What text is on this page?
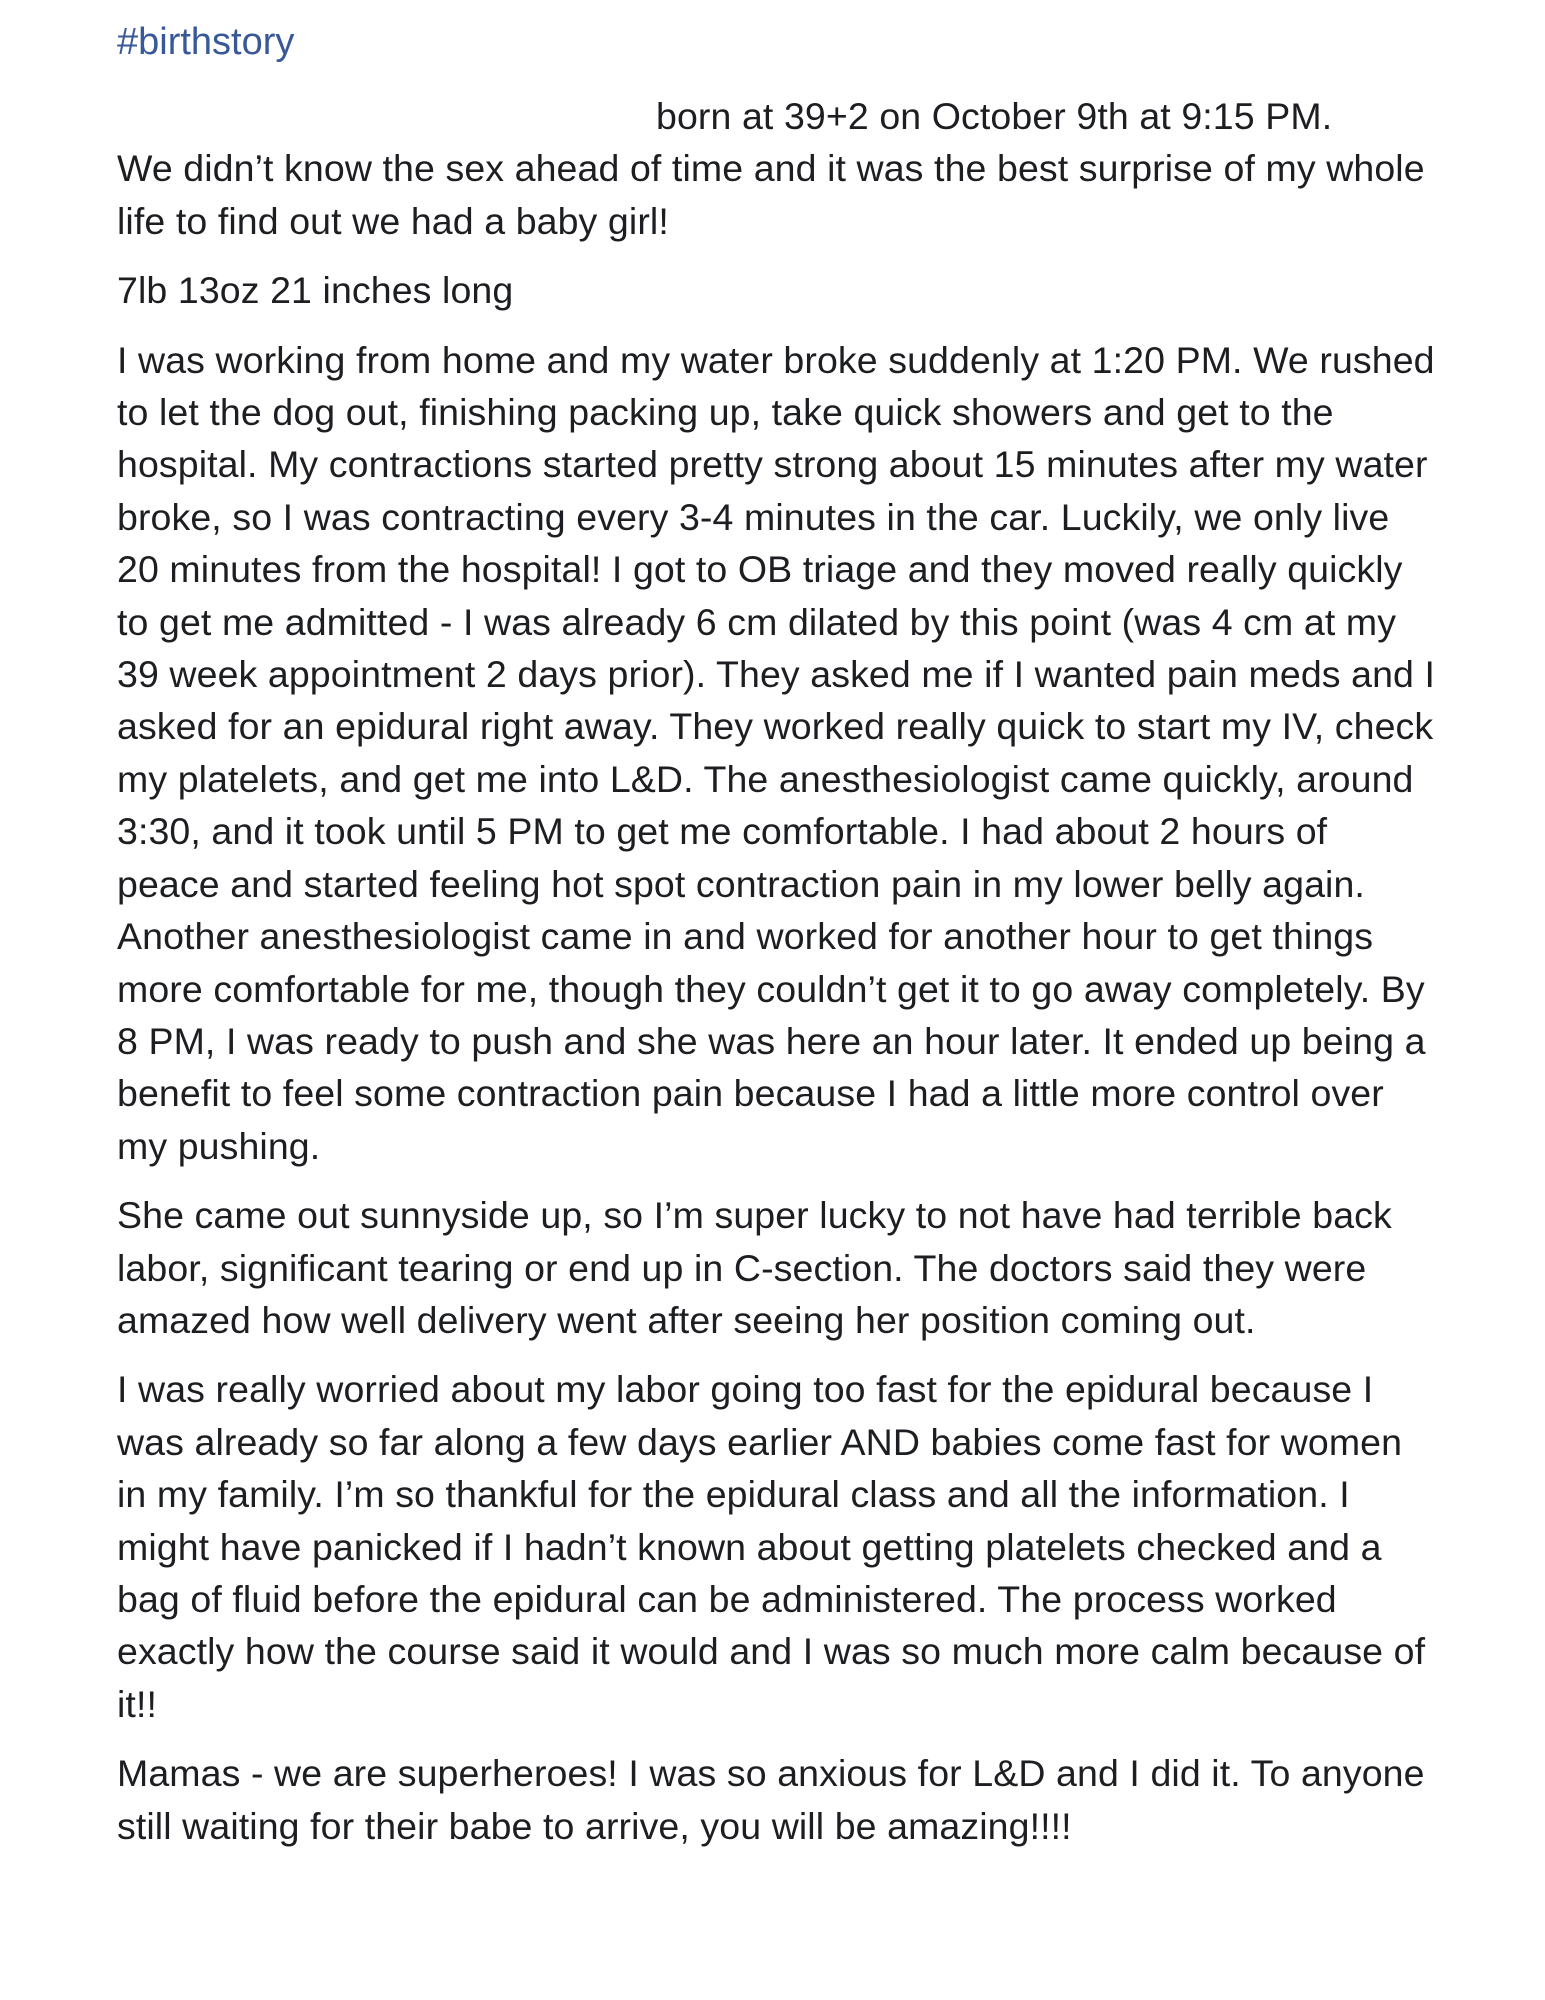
#birthstory

born at 39+2 on October 9th at 9:15 PM.
We didn’t know the sex ahead of time and it was the best surprise of my whole life to find out we had a baby girl!

7lb 13oz 21 inches long

I was working from home and my water broke suddenly at 1:20 PM. We rushed to let the dog out, finishing packing up, take quick showers and get to the hospital. My contractions started pretty strong about 15 minutes after my water broke, so I was contracting every 3-4 minutes in the car. Luckily, we only live 20 minutes from the hospital! I got to OB triage and they moved really quickly to get me admitted - I was already 6 cm dilated by this point (was 4 cm at my 39 week appointment 2 days prior). They asked me if I wanted pain meds and I asked for an epidural right away. They worked really quick to start my IV, check my platelets, and get me into L&D. The anesthesiologist came quickly, around 3:30, and it took until 5 PM to get me comfortable. I had about 2 hours of peace and started feeling hot spot contraction pain in my lower belly again. Another anesthesiologist came in and worked for another hour to get things more comfortable for me, though they couldn’t get it to go away completely. By 8 PM, I was ready to push and she was here an hour later. It ended up being a benefit to feel some contraction pain because I had a little more control over my pushing.

She came out sunnyside up, so I’m super lucky to not have had terrible back labor, significant tearing or end up in C-section. The doctors said they were amazed how well delivery went after seeing her position coming out.

I was really worried about my labor going too fast for the epidural because I was already so far along a few days earlier AND babies come fast for women in my family. I’m so thankful for the epidural class and all the information. I might have panicked if I hadn’t known about getting platelets checked and a bag of fluid before the epidural can be administered. The process worked exactly how the course said it would and I was so much more calm because of it!!

Mamas - we are superheroes! I was so anxious for L&D and I did it. To anyone still waiting for their babe to arrive, you will be amazing!!!!
